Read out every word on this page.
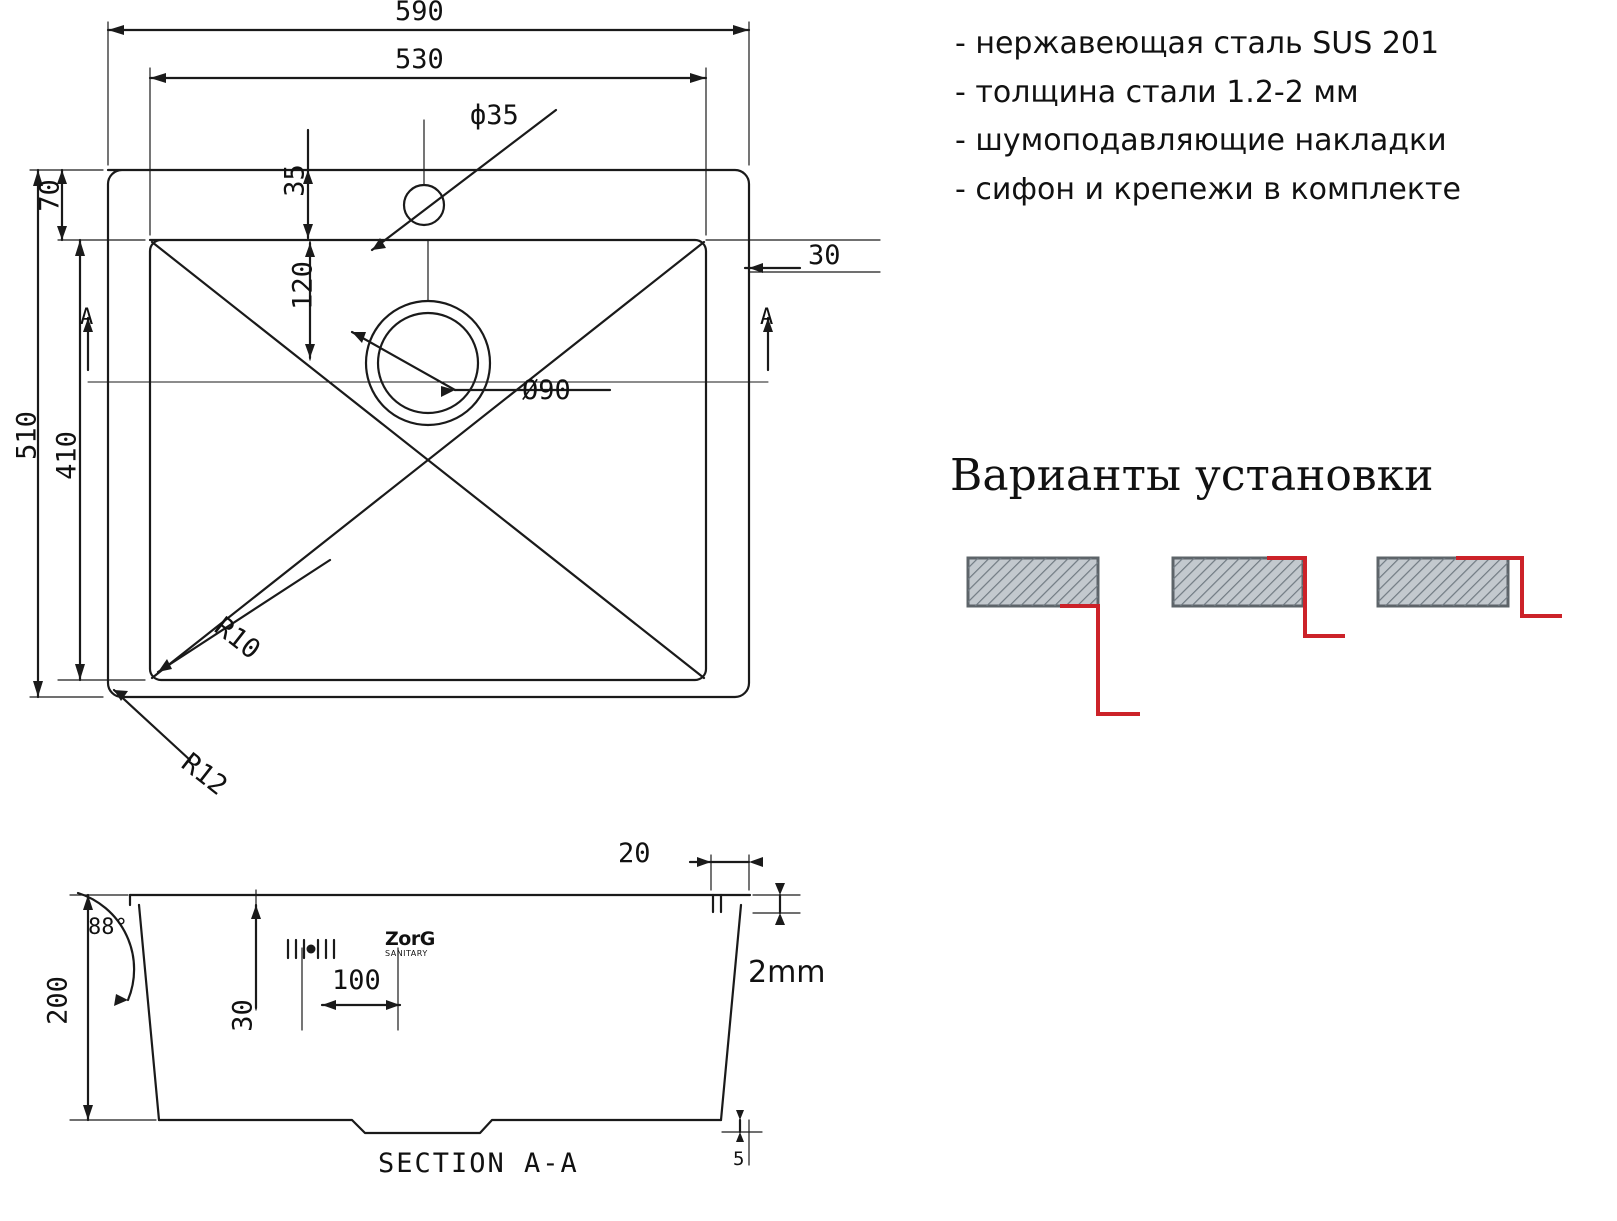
590
530
510 410
70	35
120
ф35
Ø90
30
R10
R12
A	A
200
88°
30
100
20
2mm
5
SECTION A-A
ZorG
SANITARY
- нержавеющая сталь SUS 201
- толщина стали 1.2-2 мм
- шумоподавляющие накладки
- сифон и крепежи в комплекте
Варианты установки
